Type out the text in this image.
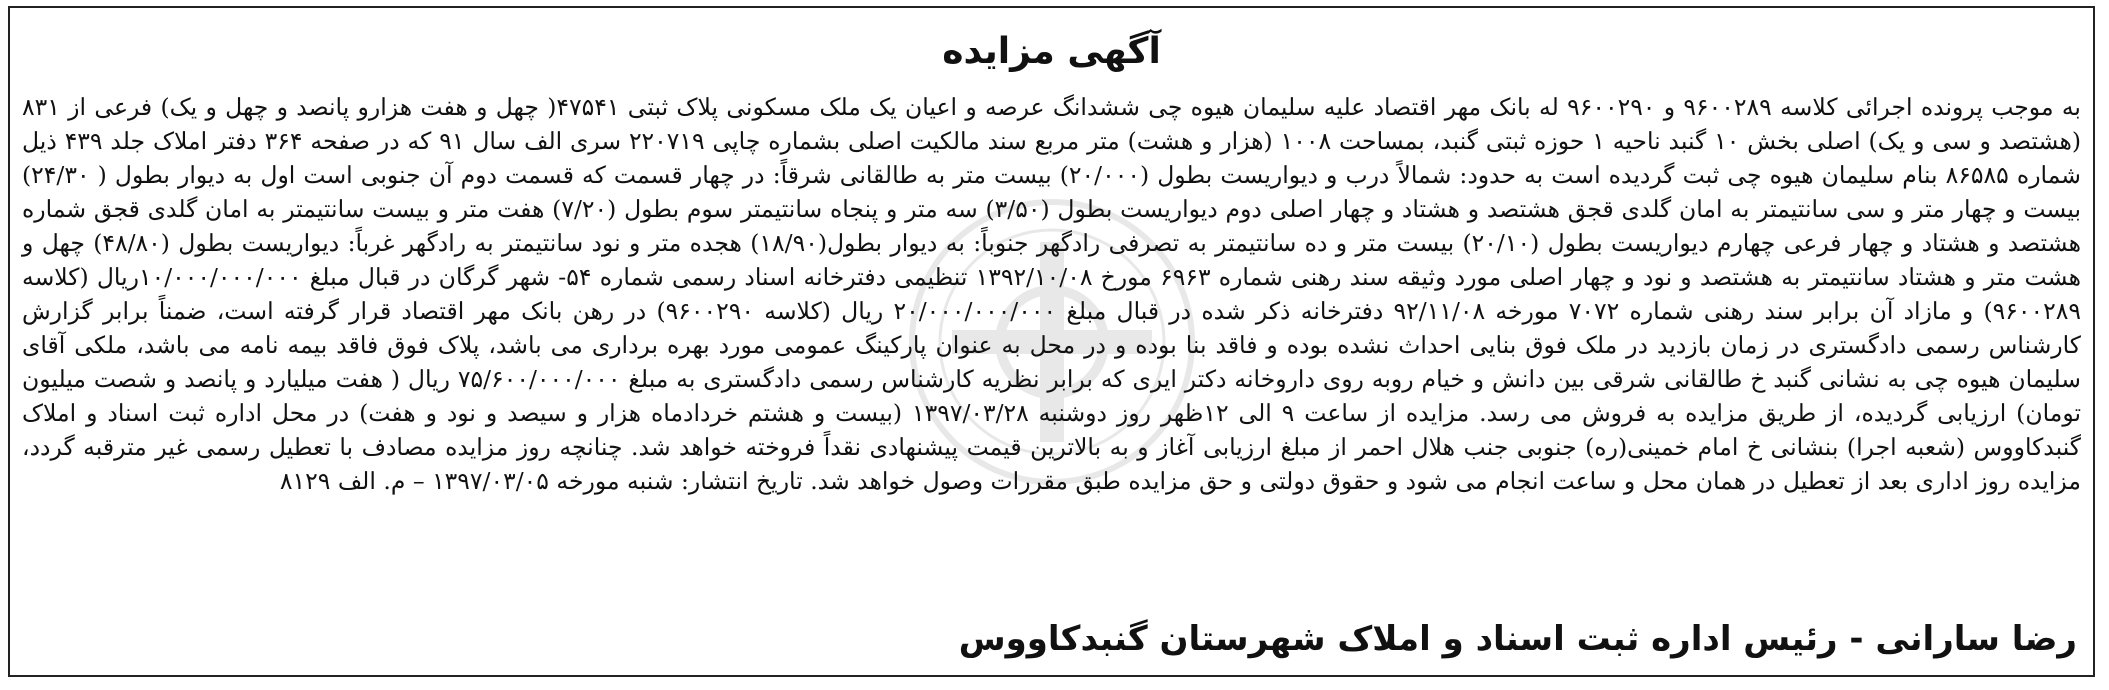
آگهی مزایده
به موجب پرونده اجرائی کلاسه ۹۶۰۰۲۸۹ و ۹۶۰۰۲۹۰ له بانک مهر اقتصاد علیه سلیمان هیوه چی ششدانگ عرصه و اعیان یک ملک مسکونی پلاک ثبتی ۴۷۵۴۱( چهل و هفت هزارو پانصد و چهل و یک) فرعی از ۸۳۱ (هشتصد و سی و یک) اصلی بخش ۱۰ گنبد ناحیه ۱ حوزه ثبتی گنبد، بمساحت ۱۰۰۸ (هزار و هشت) متر مربع سند مالکیت اصلی بشماره چاپی ۲۲۰۷۱۹ سری الف سال ۹۱ که در صفحه ۳۶۴ دفتر املاک جلد ۴۳۹ ذیل شماره ۸۶۵۸۵ بنام سلیمان هیوه چی ثبت گردیده است به حدود: شمالاً درب و دیواریست بطول (۲۰/۰۰۰) بیست متر به طالقانی شرقاً: در چهار قسمت که قسمت دوم آن جنوبی است اول به دیوار بطول ( ۲۴/۳۰) بیست و چهار متر و سی سانتیمتر به امان گلدی قجق هشتصد و هشتاد و چهار اصلی دوم دیواریست بطول (۳/۵۰) سه متر و پنجاه سانتیمتر سوم بطول (۷/۲۰) هفت متر و بیست سانتیمتر به امان گلدی قجق شماره هشتصد و هشتاد و چهار فرعی چهارم دیواریست بطول (۲۰/۱۰) بیست متر و ده سانتیمتر به تصرفی رادگهر جنوباً: به دیوار بطول(۱۸/۹۰) هجده متر و نود سانتیمتر به رادگهر غرباً: دیواریست بطول (۴۸/۸۰) چهل و هشت متر و هشتاد سانتیمتر به هشتصد و نود و چهار اصلی مورد وثیقه سند رهنی شماره ۶۹۶۳ مورخ ۱۳۹۲/۱۰/۰۸ تنظیمی دفترخانه اسناد رسمی شماره ۵۴- شهر گرگان در قبال مبلغ ۱۰/۰۰۰/۰۰۰/۰۰۰ریال (کلاسه ۹۶۰۰۲۸۹) و مازاد آن برابر سند رهنی شماره ۷۰۷۲ مورخه ۹۲/۱۱/۰۸ دفترخانه ذکر شده در قبال مبلغ ۲۰/۰۰۰/۰۰۰/۰۰۰ ریال (کلاسه ۹۶۰۰۲۹۰) در رهن بانک مهر اقتصاد قرار گرفته است، ضمناً برابر گزارش کارشناس رسمی دادگستری در زمان بازدید در ملک فوق بنایی احداث نشده بوده و فاقد بنا بوده و در محل به عنوان پارکینگ عمومی مورد بهره برداری می باشد، پلاک فوق فاقد بیمه نامه می باشد، ملکی آقای سلیمان هیوه چی به نشانی گنبد خ طالقانی شرقی بین دانش و خیام روبه روی داروخانه دکتر ایری که برابر نظریه کارشناس رسمی دادگستری به مبلغ ۷۵/۶۰۰/۰۰۰/۰۰۰ ریال ( هفت میلیارد و پانصد و شصت میلیون تومان) ارزیابی گردیده، از طریق مزایده به فروش می رسد. مزایده از ساعت ۹ الی ۱۲ظهر روز دوشنبه ۱۳۹۷/۰۳/۲۸ (بیست و هشتم خردادماه هزار و سیصد و نود و هفت) در محل اداره ثبت اسناد و املاک گنبدکاووس (شعبه اجرا) بنشانی خ امام خمینی(ره) جنوبی جنب هلال احمر از مبلغ ارزیابی آغاز و به بالاترین قیمت پیشنهادی نقداً فروخته خواهد شد. چنانچه روز مزایده مصادف با تعطیل رسمی غیر مترقبه گردد، مزایده روز اداری بعد از تعطیل در همان محل و ساعت انجام می شود و حقوق دولتی و حق مزایده طبق مقررات وصول خواهد شد. تاریخ انتشار: شنبه مورخه ۱۳۹۷/۰۳/۰۵ – م. الف ۸۱۲۹
رضا سارانی - رئیس اداره ثبت اسناد و املاک شهرستان گنبدکاووس
